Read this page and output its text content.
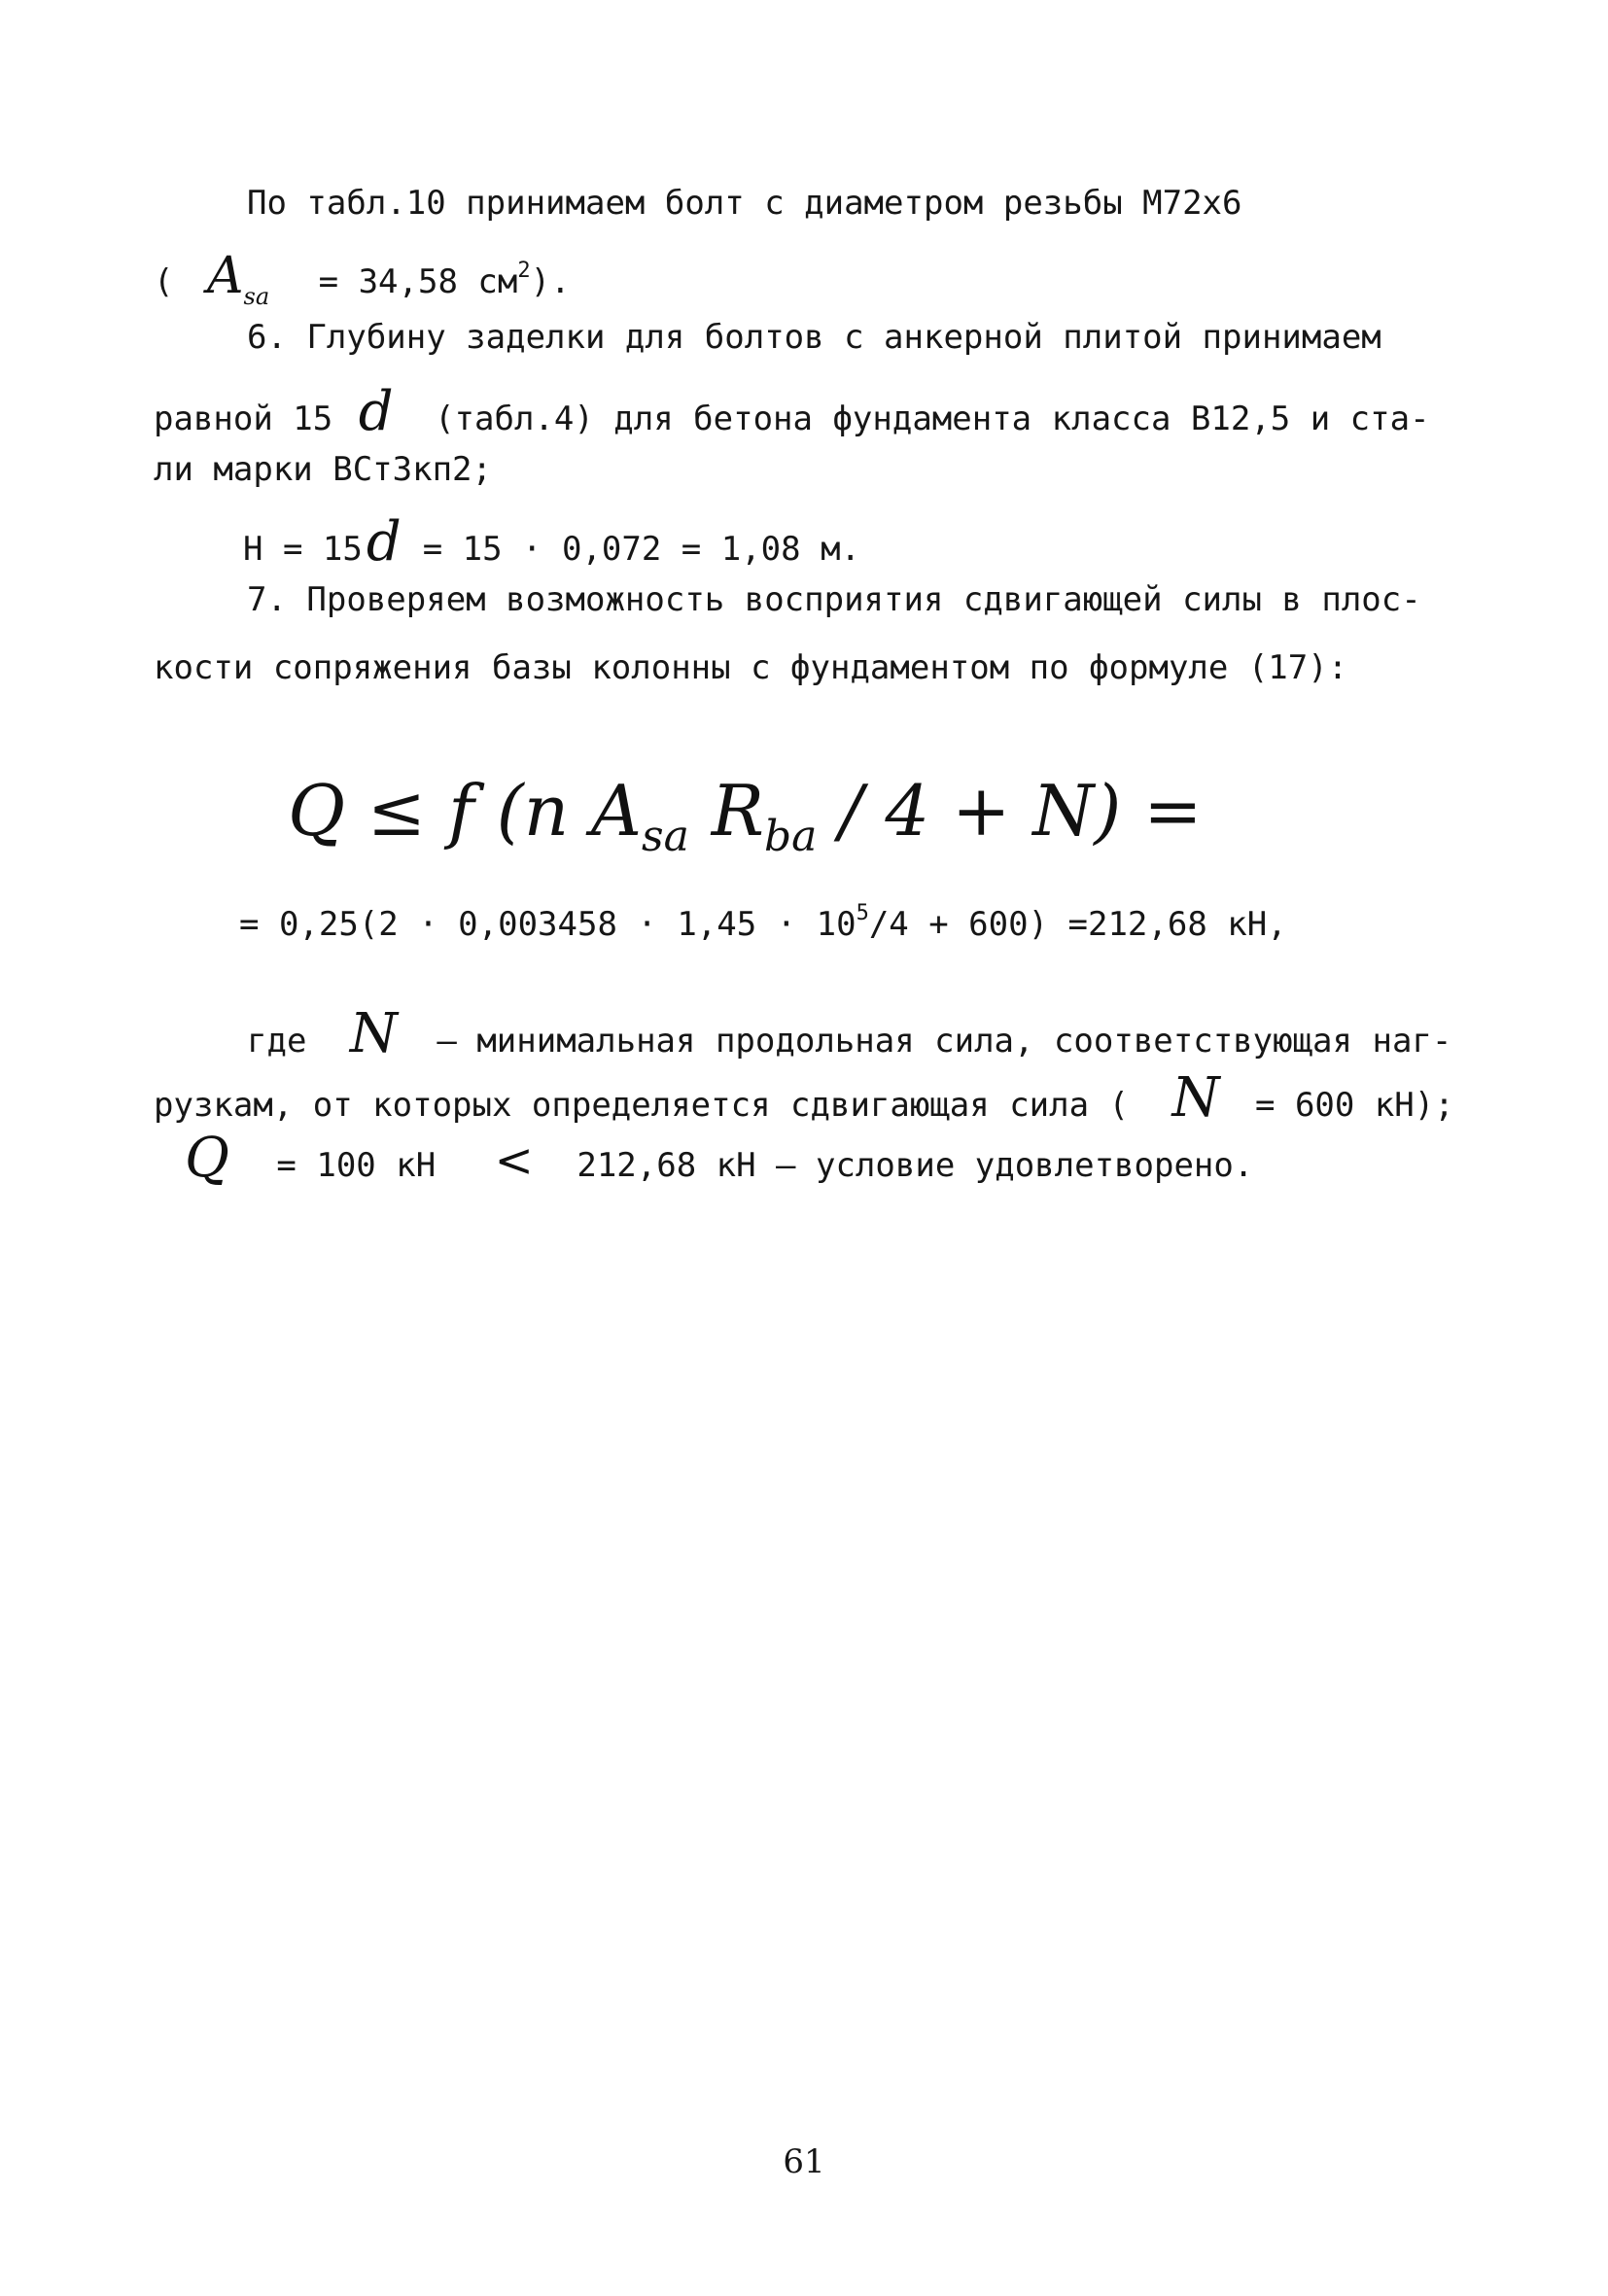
По табл.10 принимаем болт с диаметром резьбы М72х6
( $A_{sa} = 34,58$ $см^2$).
6. Глубину заделки для болтов с анкерной плитой принимаем
равной 15 d (табл.4) для бетона фундамента класса В12,5 и ста-
ли марки ВСт3кп2;
H = 15d = 15 · 0,072 = 1,08 м.
7. Проверяем возможность восприятия сдвигающей силы в плос-
кости сопряжения базы колонны с фундаментом по формуле (17):
Q ≤ f (n $A_{sa}$ $R_{ba} / 4 + N$) =
= $0,25(2 \cdot 0,003458 \cdot 1,45 \cdot 10^5/4 + 600) =212,68$ кН,
где N – минимальная продольная сила, соответствующая наг-
рузкам, от которых определяется сдвигающая сила ( N = 600 кН);
Q = 100 кН < 212,68 кН – условие удовлетворено.
61
